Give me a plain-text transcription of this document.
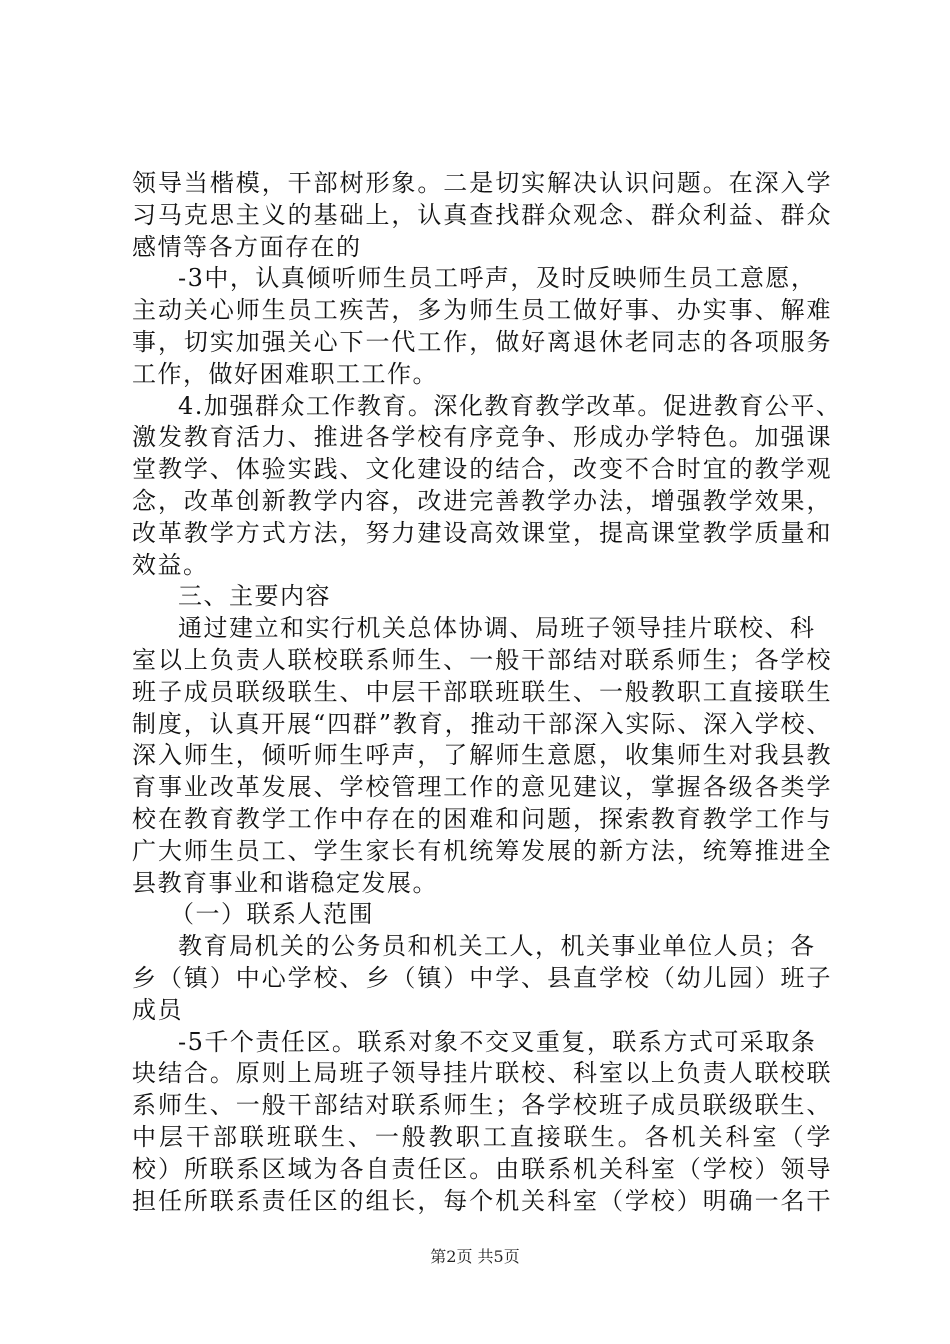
领导当楷模，干部树形象。二是切实解决认识问题。在深入学
习马克思主义的基础上，认真查找群众观念、群众利益、群众
感情等各方面存在的
-3中，认真倾听师生员工呼声，及时反映师生员工意愿，
主动关心师生员工疾苦，多为师生员工做好事、办实事、解难
事，切实加强关心下一代工作，做好离退休老同志的各项服务
工作，做好困难职工工作。
4.加强群众工作教育。深化教育教学改革。促进教育公平、
激发教育活力、推进各学校有序竞争、形成办学特色。加强课
堂教学、体验实践、文化建设的结合，改变不合时宜的教学观
念，改革创新教学内容，改进完善教学办法，增强教学效果，
改革教学方式方法，努力建设高效课堂，提高课堂教学质量和
效益。
三、主要内容
通过建立和实行机关总体协调、局班子领导挂片联校、科
室以上负责人联校联系师生、一般干部结对联系师生；各学校
班子成员联级联生、中层干部联班联生、一般教职工直接联生
制度，认真开展“四群”教育，推动干部深入实际、深入学校、
深入师生，倾听师生呼声，了解师生意愿，收集师生对我县教
育事业改革发展、学校管理工作的意见建议，掌握各级各类学
校在教育教学工作中存在的困难和问题，探索教育教学工作与
广大师生员工、学生家长有机统筹发展的新方法，统筹推进全
县教育事业和谐稳定发展。
（一）联系人范围
教育局机关的公务员和机关工人，机关事业单位人员；各
乡（镇）中心学校、乡（镇）中学、县直学校（幼儿园）班子
成员
-5千个责任区。联系对象不交叉重复，联系方式可采取条
块结合。原则上局班子领导挂片联校、科室以上负责人联校联
系师生、一般干部结对联系师生；各学校班子成员联级联生、
中层干部联班联生、一般教职工直接联生。各机关科室（学
校）所联系区域为各自责任区。由联系机关科室（学校）领导
担任所联系责任区的组长，每个机关科室（学校）明确一名干
第2页 共5页
